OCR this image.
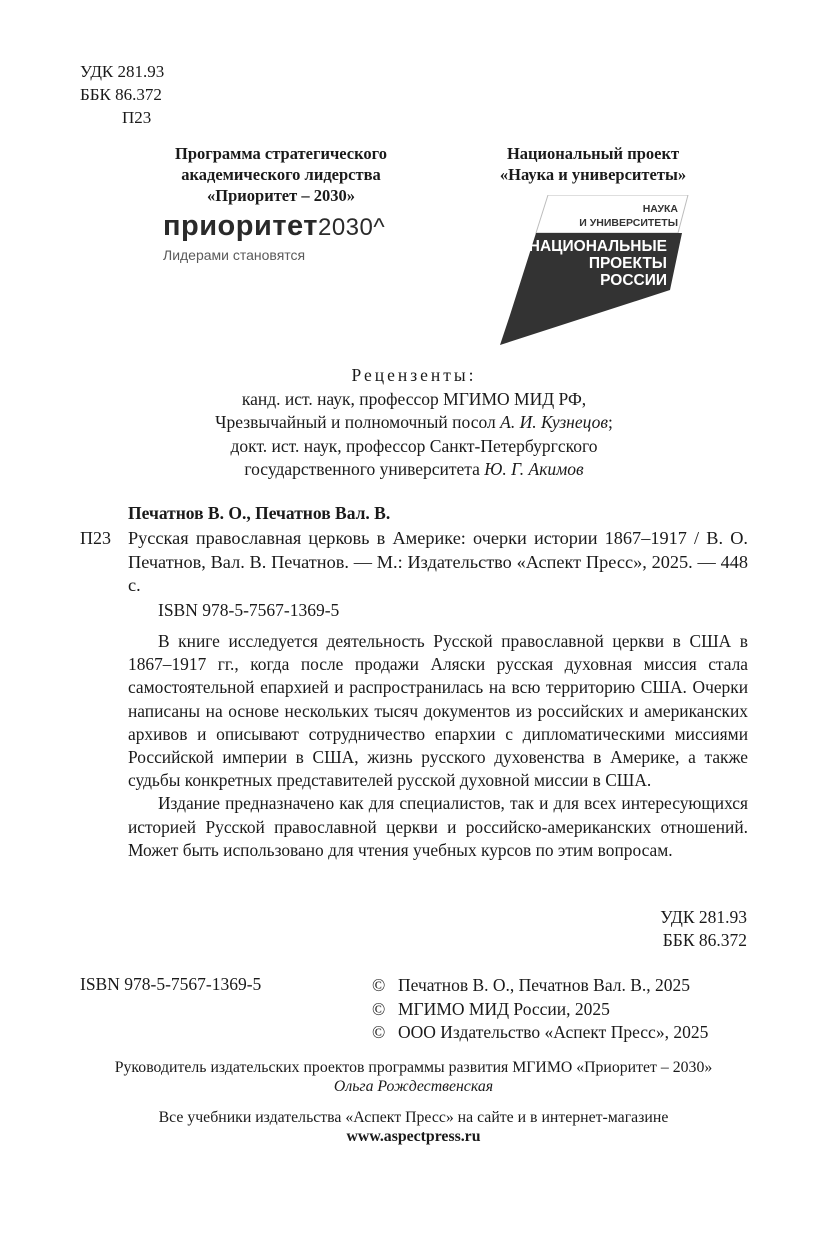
УДК 281.93
ББК 86.372
П23
Программа стратегического
академического лидерства
«Приоритет – 2030»
Национальный проект
«Наука и университеты»
приоритет2030^
Лидерами становятся
НАУКА
И УНИВЕРСИТЕТЫ
НАЦИОНАЛЬНЫЕ
ПРОЕКТЫ
РОССИИ
Рецензенты:
канд. ист. наук, профессор МГИМО МИД РФ,
Чрезвычайный и полномочный посол А. И. Кузнецов;
докт. ист. наук, профессор Санкт-Петербургского
государственного университета Ю. Г. Акимов
Печатнов В. О., Печатнов Вал. В.
П23 Русская православная церковь в Америке: очерки истории 1867–1917 / В. О. Печатнов, Вал. В. Печатнов. — М.: Издательство «Аспект Пресс», 2025. — 448 с.
ISBN 978-5-7567-1369-5

В книге исследуется деятельность Русской православной церкви в США в 1867–1917 гг., когда после продажи Аляски русская духовная миссия стала самостоятельной епархией и распространилась на всю территорию США. Очерки написаны на основе нескольких тысяч документов из российских и американских архивов и описывают сотрудничество епархии с дипломатическими миссиями Российской империи в США, жизнь русского духовенства в Америке, а также судьбы конкретных представителей русской духовной миссии в США.

Издание предназначено как для специалистов, так и для всех интересующихся историей Русской православной церкви и российско-американских отношений. Может быть использовано для чтения учебных курсов по этим вопросам.

УДК 281.93
ББК 86.372
ISBN 978-5-7567-1369-5	© Печатнов В. О., Печатнов Вал. В., 2025
© МГИМО МИД России, 2025
© ООО Издательство «Аспект Пресс», 2025
Руководитель издательских проектов программы развития МГИМО «Приоритет – 2030»
Ольга Рождественская
Все учебники издательства «Аспект Пресс» на сайте и в интернет-магазине
www.aspectpress.ru
